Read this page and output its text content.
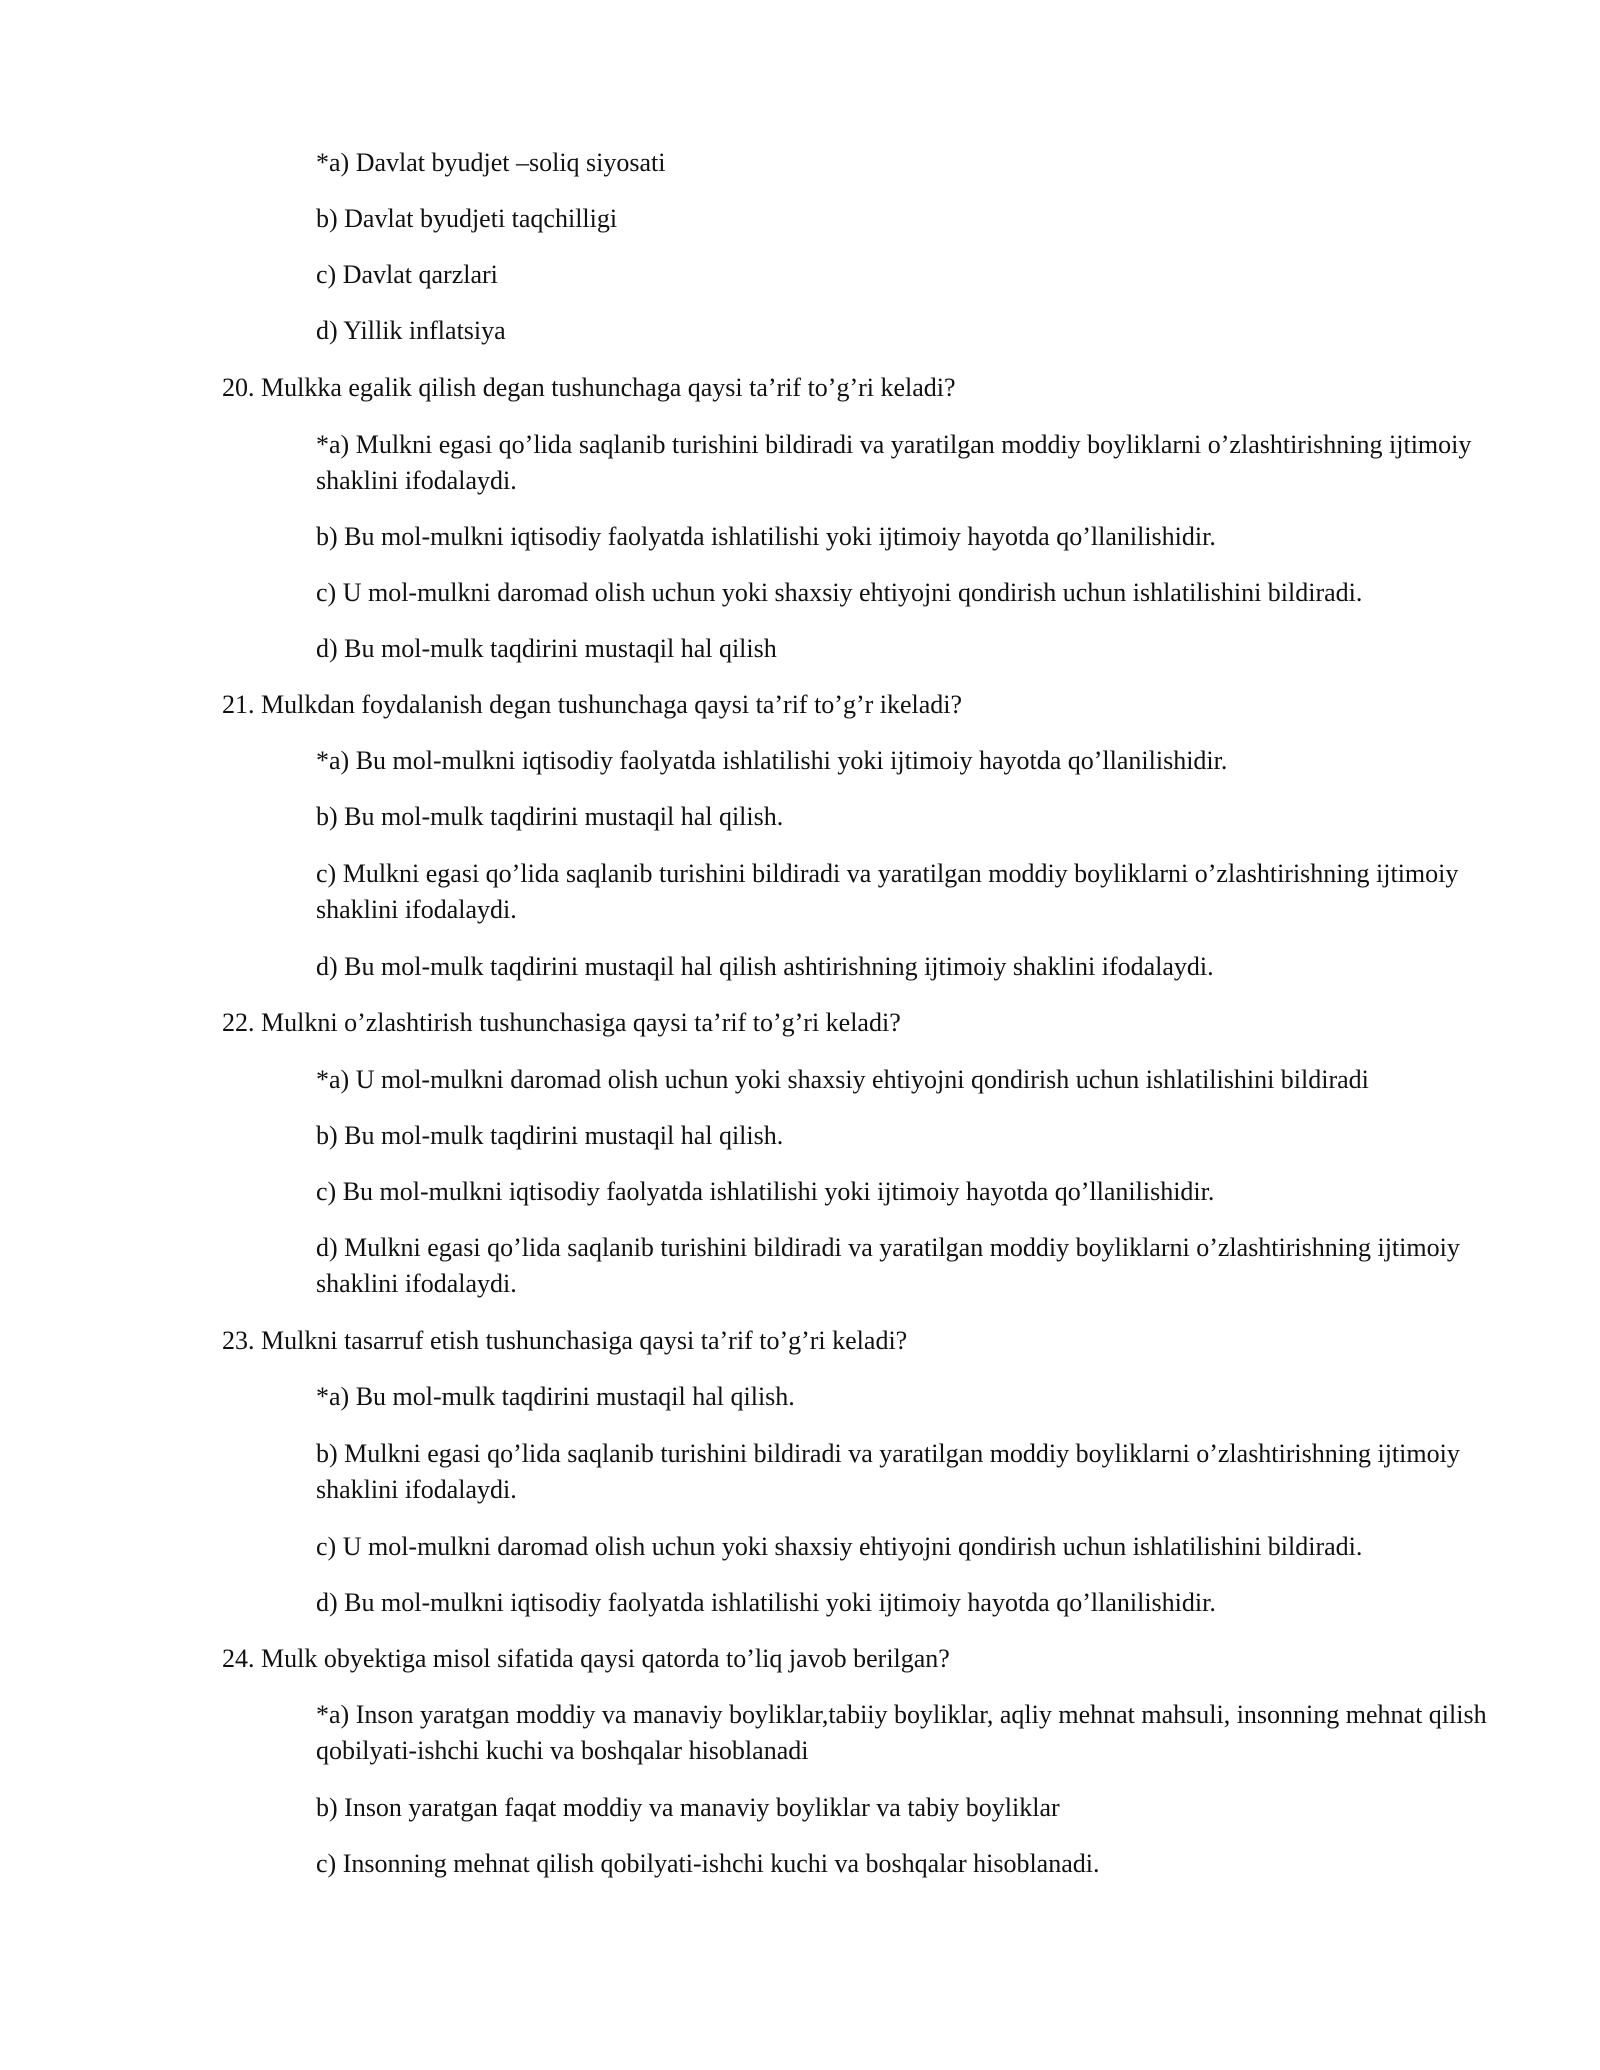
*a) Davlat byudjet –soliq siyosati
b) Davlat byudjeti taqchilligi
c) Davlat qarzlari
d) Yillik inflatsiya
20. Mulkka egalik qilish degan tushunchaga qaysi ta’rif to’g’ri keladi?
*a) Mulkni egasi qo’lida saqlanib turishini bildiradi va yaratilgan moddiy boyliklarni o’zlashtirishning ijtimoiy shaklini ifodalaydi.
b) Bu mol-mulkni iqtisodiy faolyatda ishlatilishi yoki ijtimoiy hayotda qo’llanilishidir.
c) U mol-mulkni daromad olish uchun yoki shaxsiy ehtiyojni qondirish uchun ishlatilishini bildiradi.
d) Bu mol-mulk taqdirini mustaqil hal qilish
21. Mulkdan foydalanish degan tushunchaga qaysi ta’rif to’g’r ikeladi?
*a) Bu mol-mulkni iqtisodiy faolyatda ishlatilishi yoki ijtimoiy hayotda qo’llanilishidir.
b) Bu mol-mulk taqdirini mustaqil hal qilish.
c) Mulkni egasi qo’lida saqlanib turishini bildiradi va yaratilgan moddiy boyliklarni o’zlashtirishning ijtimoiy shaklini ifodalaydi.
d) Bu mol-mulk taqdirini mustaqil hal qilish ashtirishning ijtimoiy shaklini ifodalaydi.
22. Mulkni o’zlashtirish tushunchasiga qaysi ta’rif to’g’ri keladi?
*a) U mol-mulkni daromad olish uchun yoki shaxsiy ehtiyojni qondirish uchun ishlatilishini bildiradi
b) Bu mol-mulk taqdirini mustaqil hal qilish.
c) Bu mol-mulkni iqtisodiy faolyatda ishlatilishi yoki ijtimoiy hayotda qo’llanilishidir.
d) Mulkni egasi qo’lida saqlanib turishini bildiradi va yaratilgan moddiy boyliklarni o’zlashtirishning ijtimoiy shaklini ifodalaydi.
23. Mulkni tasarruf etish tushunchasiga qaysi ta’rif to’g’ri keladi?
*a) Bu mol-mulk taqdirini mustaqil hal qilish.
b) Mulkni egasi qo’lida saqlanib turishini bildiradi va yaratilgan moddiy boyliklarni o’zlashtirishning ijtimoiy shaklini ifodalaydi.
c) U mol-mulkni daromad olish uchun yoki shaxsiy ehtiyojni qondirish uchun ishlatilishini bildiradi.
d) Bu mol-mulkni iqtisodiy faolyatda ishlatilishi yoki ijtimoiy hayotda qo’llanilishidir.
24. Mulk obyektiga misol sifatida qaysi qatorda to’liq javob berilgan?
*a) Inson yaratgan moddiy va manaviy boyliklar,tabiiy boyliklar, aqliy mehnat mahsuli, insonning mehnat qilish qobilyati-ishchi kuchi va boshqalar hisoblanadi
b) Inson yaratgan faqat moddiy va manaviy boyliklar va tabiy boyliklar
c) Insonning mehnat qilish qobilyati-ishchi kuchi va boshqalar hisoblanadi.
